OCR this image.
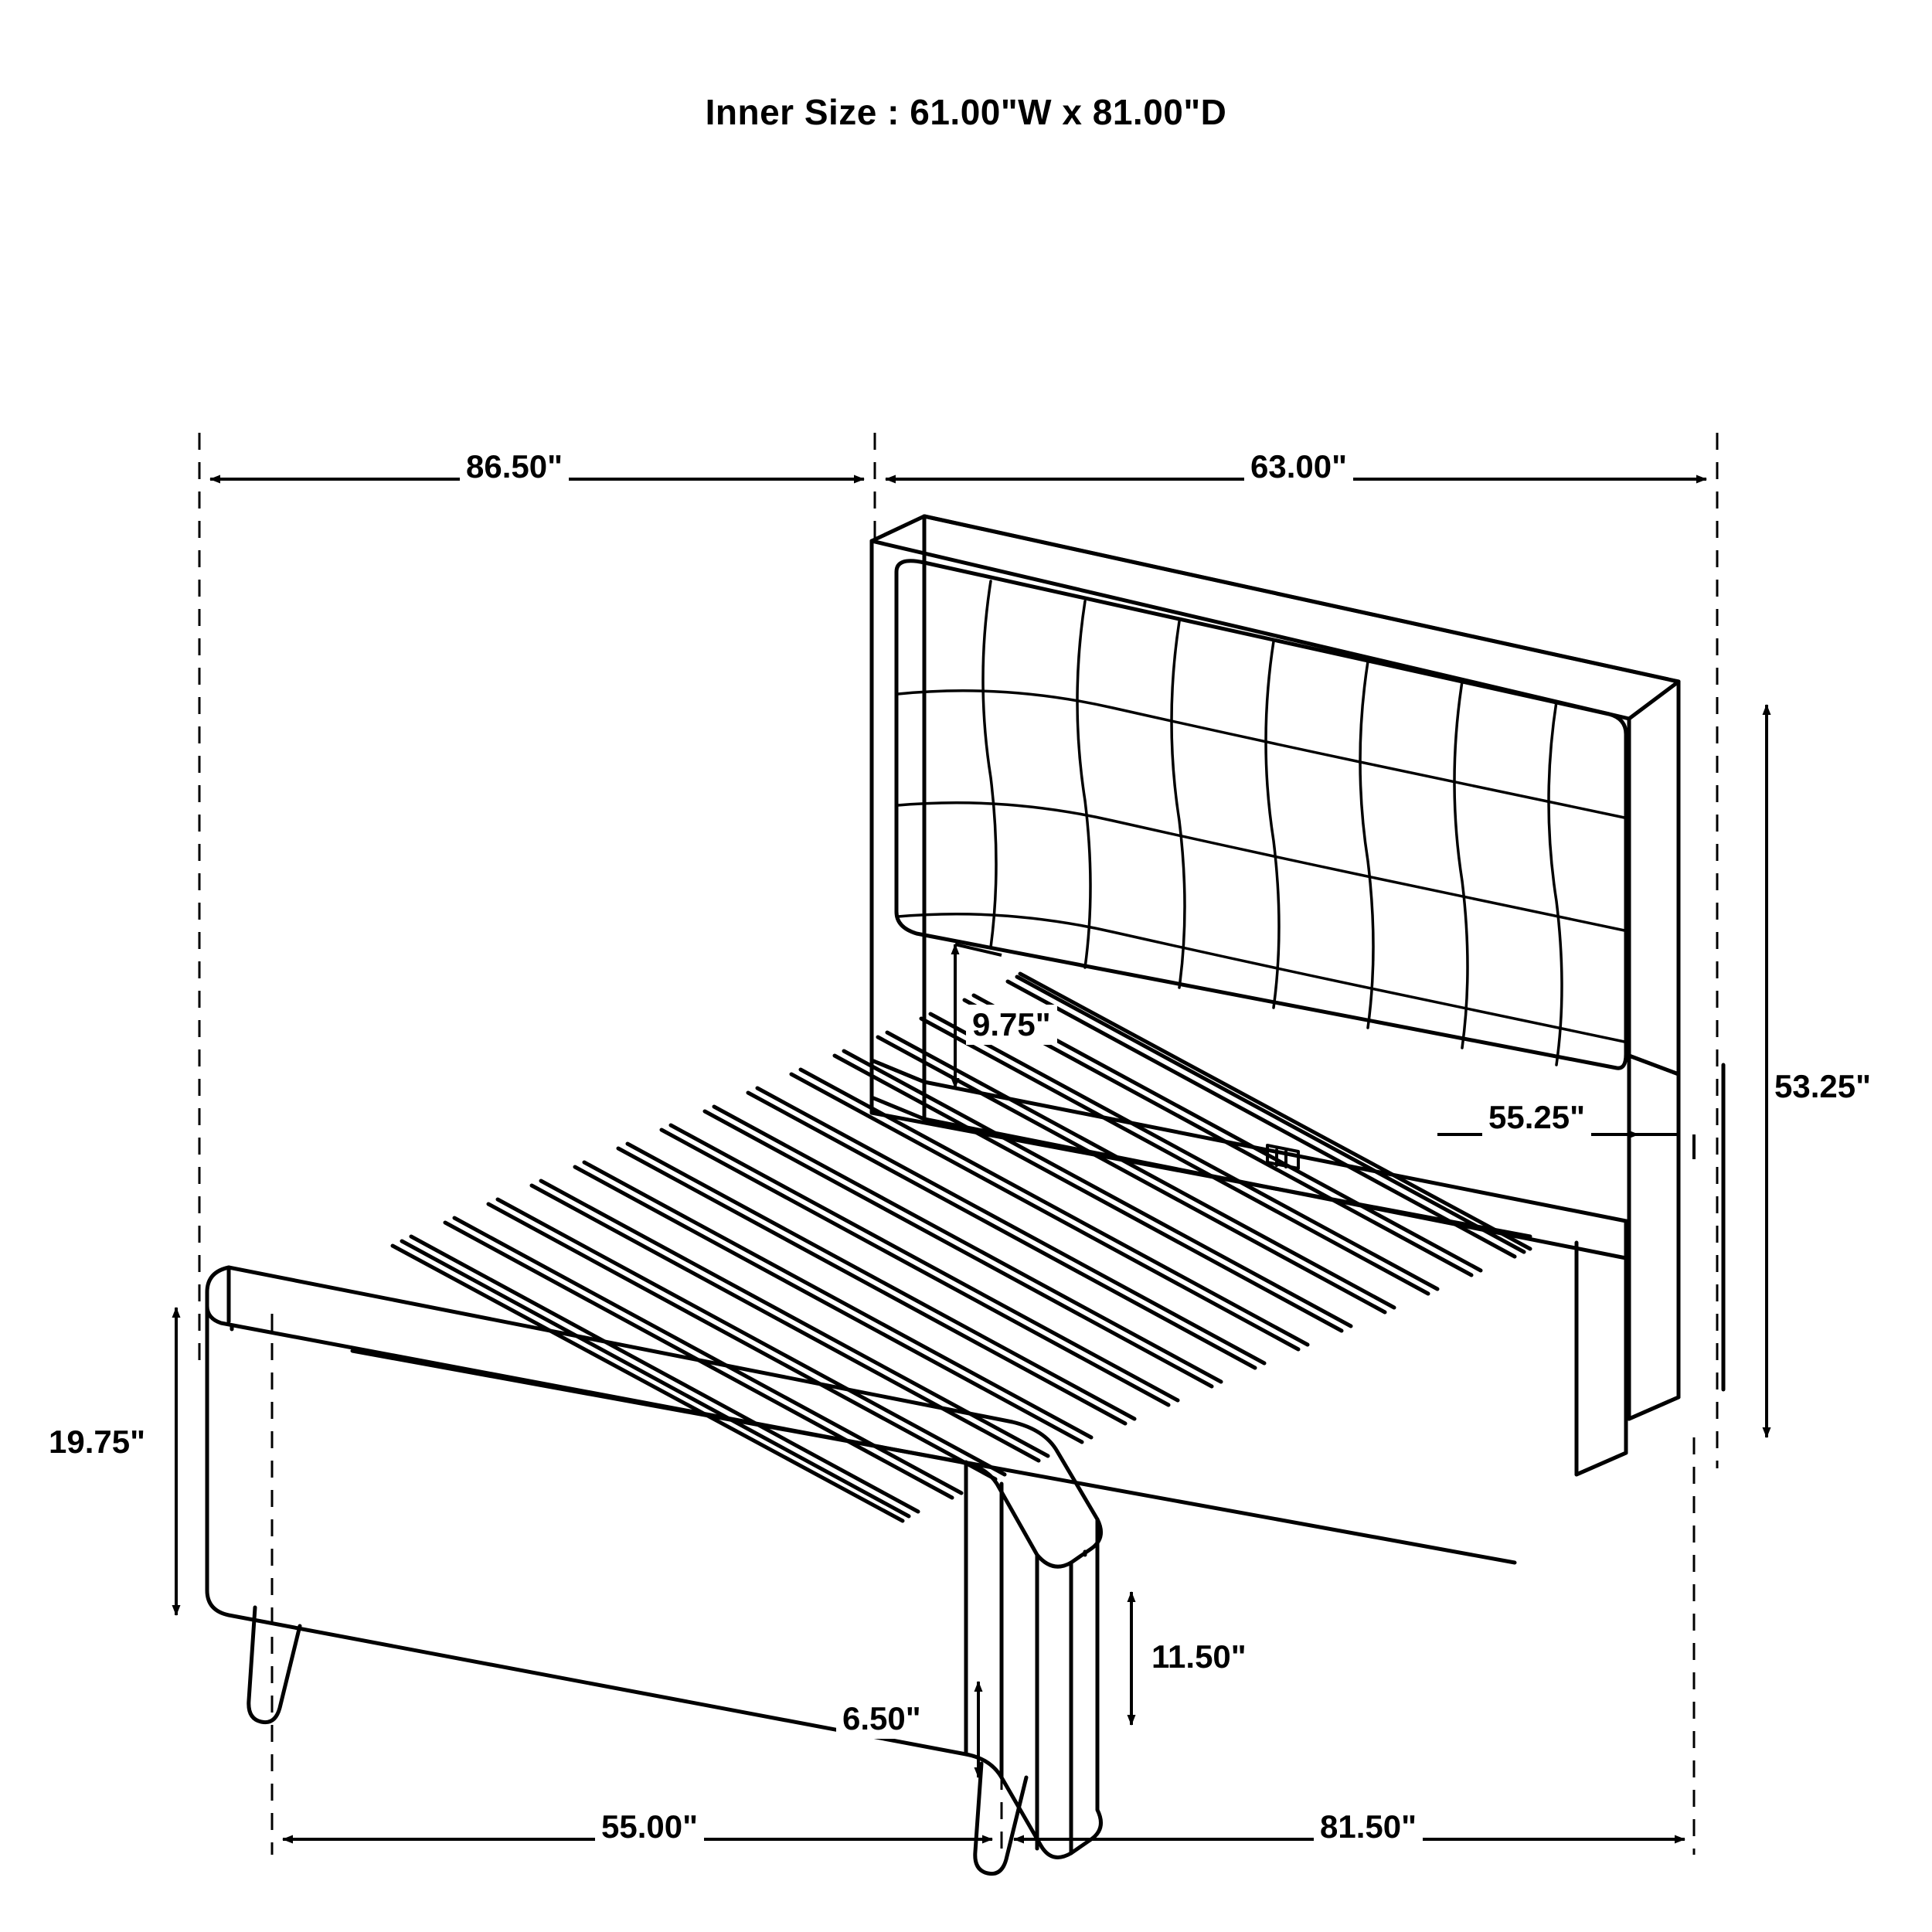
Inner Size : 61.00"W x 81.00"D
86.50"	63.00"
53.25"
55.25"
9.75"
19.75"
11.50"
6.50"
55.00"	81.50"
